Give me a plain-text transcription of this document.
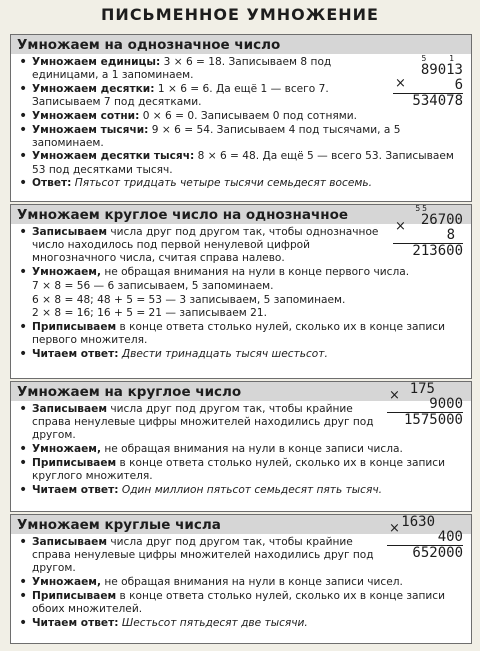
ПИСЬМЕННОЕ УМНОЖЕНИЕ
Умножаем на однозначное число
• Умножаем единицы: 3 × 6 = 18. Записываем 8 под единицами, а 1 запоминаем.
• Умножаем десятки: 1 × 6 = 6. Да ещё 1 — всего 7. Записываем 7 под десятками.
• Умножаем сотни: 0 × 6 = 0. Записываем 0 под сотнями.
• Умножаем тысячи: 9 × 6 = 54. Записываем 4 под тысячами, а 5 запоминаем.
• Умножаем десятки тысяч: 8 × 6 = 48. Да ещё 5 — всего 53. Записываем 53 под десятками тысяч.
• Ответ: Пятьсот тридцать четыре тысячи семьдесят восемь.
5 1
89013
6
534078
×
Умножаем круглое число на однозначное
• Записываем числа друг под другом так, чтобы однозначное число находилось под первой ненулевой цифрой многозначного числа, считая справа налево.
• Умножаем, не обращая внимания на нули в конце первого числа.
7 × 8 = 56 — 6 записываем, 5 запоминаем.
6 × 8 = 48; 48 + 5 = 53 — 3 записываем, 5 запоминаем.
2 × 8 = 16; 16 + 5 = 21 — записываем 21.
• Приписываем в конце ответа столько нулей, сколько их в конце записи первого множителя.
• Читаем ответ: Двести тринадцать тысяч шестьсот.
55
26700
8
213600
×
Умножаем на круглое число
• Записываем числа друг под другом так, чтобы крайние справа ненулевые цифры множителей находились друг под другом.
• Умножаем, не обращая внимания на нули в конце записи числа.
• Приписываем в конце ответа столько нулей, сколько их в конце записи круглого множителя.
• Читаем ответ: Один миллион пятьсот семьдесят пять тысяч.
175
9000
1575000
×
Умножаем круглые числа
• Записываем числа друг под другом так, чтобы крайние справа ненулевые цифры множителей находились друг под другом.
• Умножаем, не обращая внимания на нули в конце записи чисел.
• Приписываем в конце ответа столько нулей, сколько их в конце записи обоих множителей.
• Читаем ответ: Шестьсот пятьдесят две тысячи.
1630
400
652000
×
